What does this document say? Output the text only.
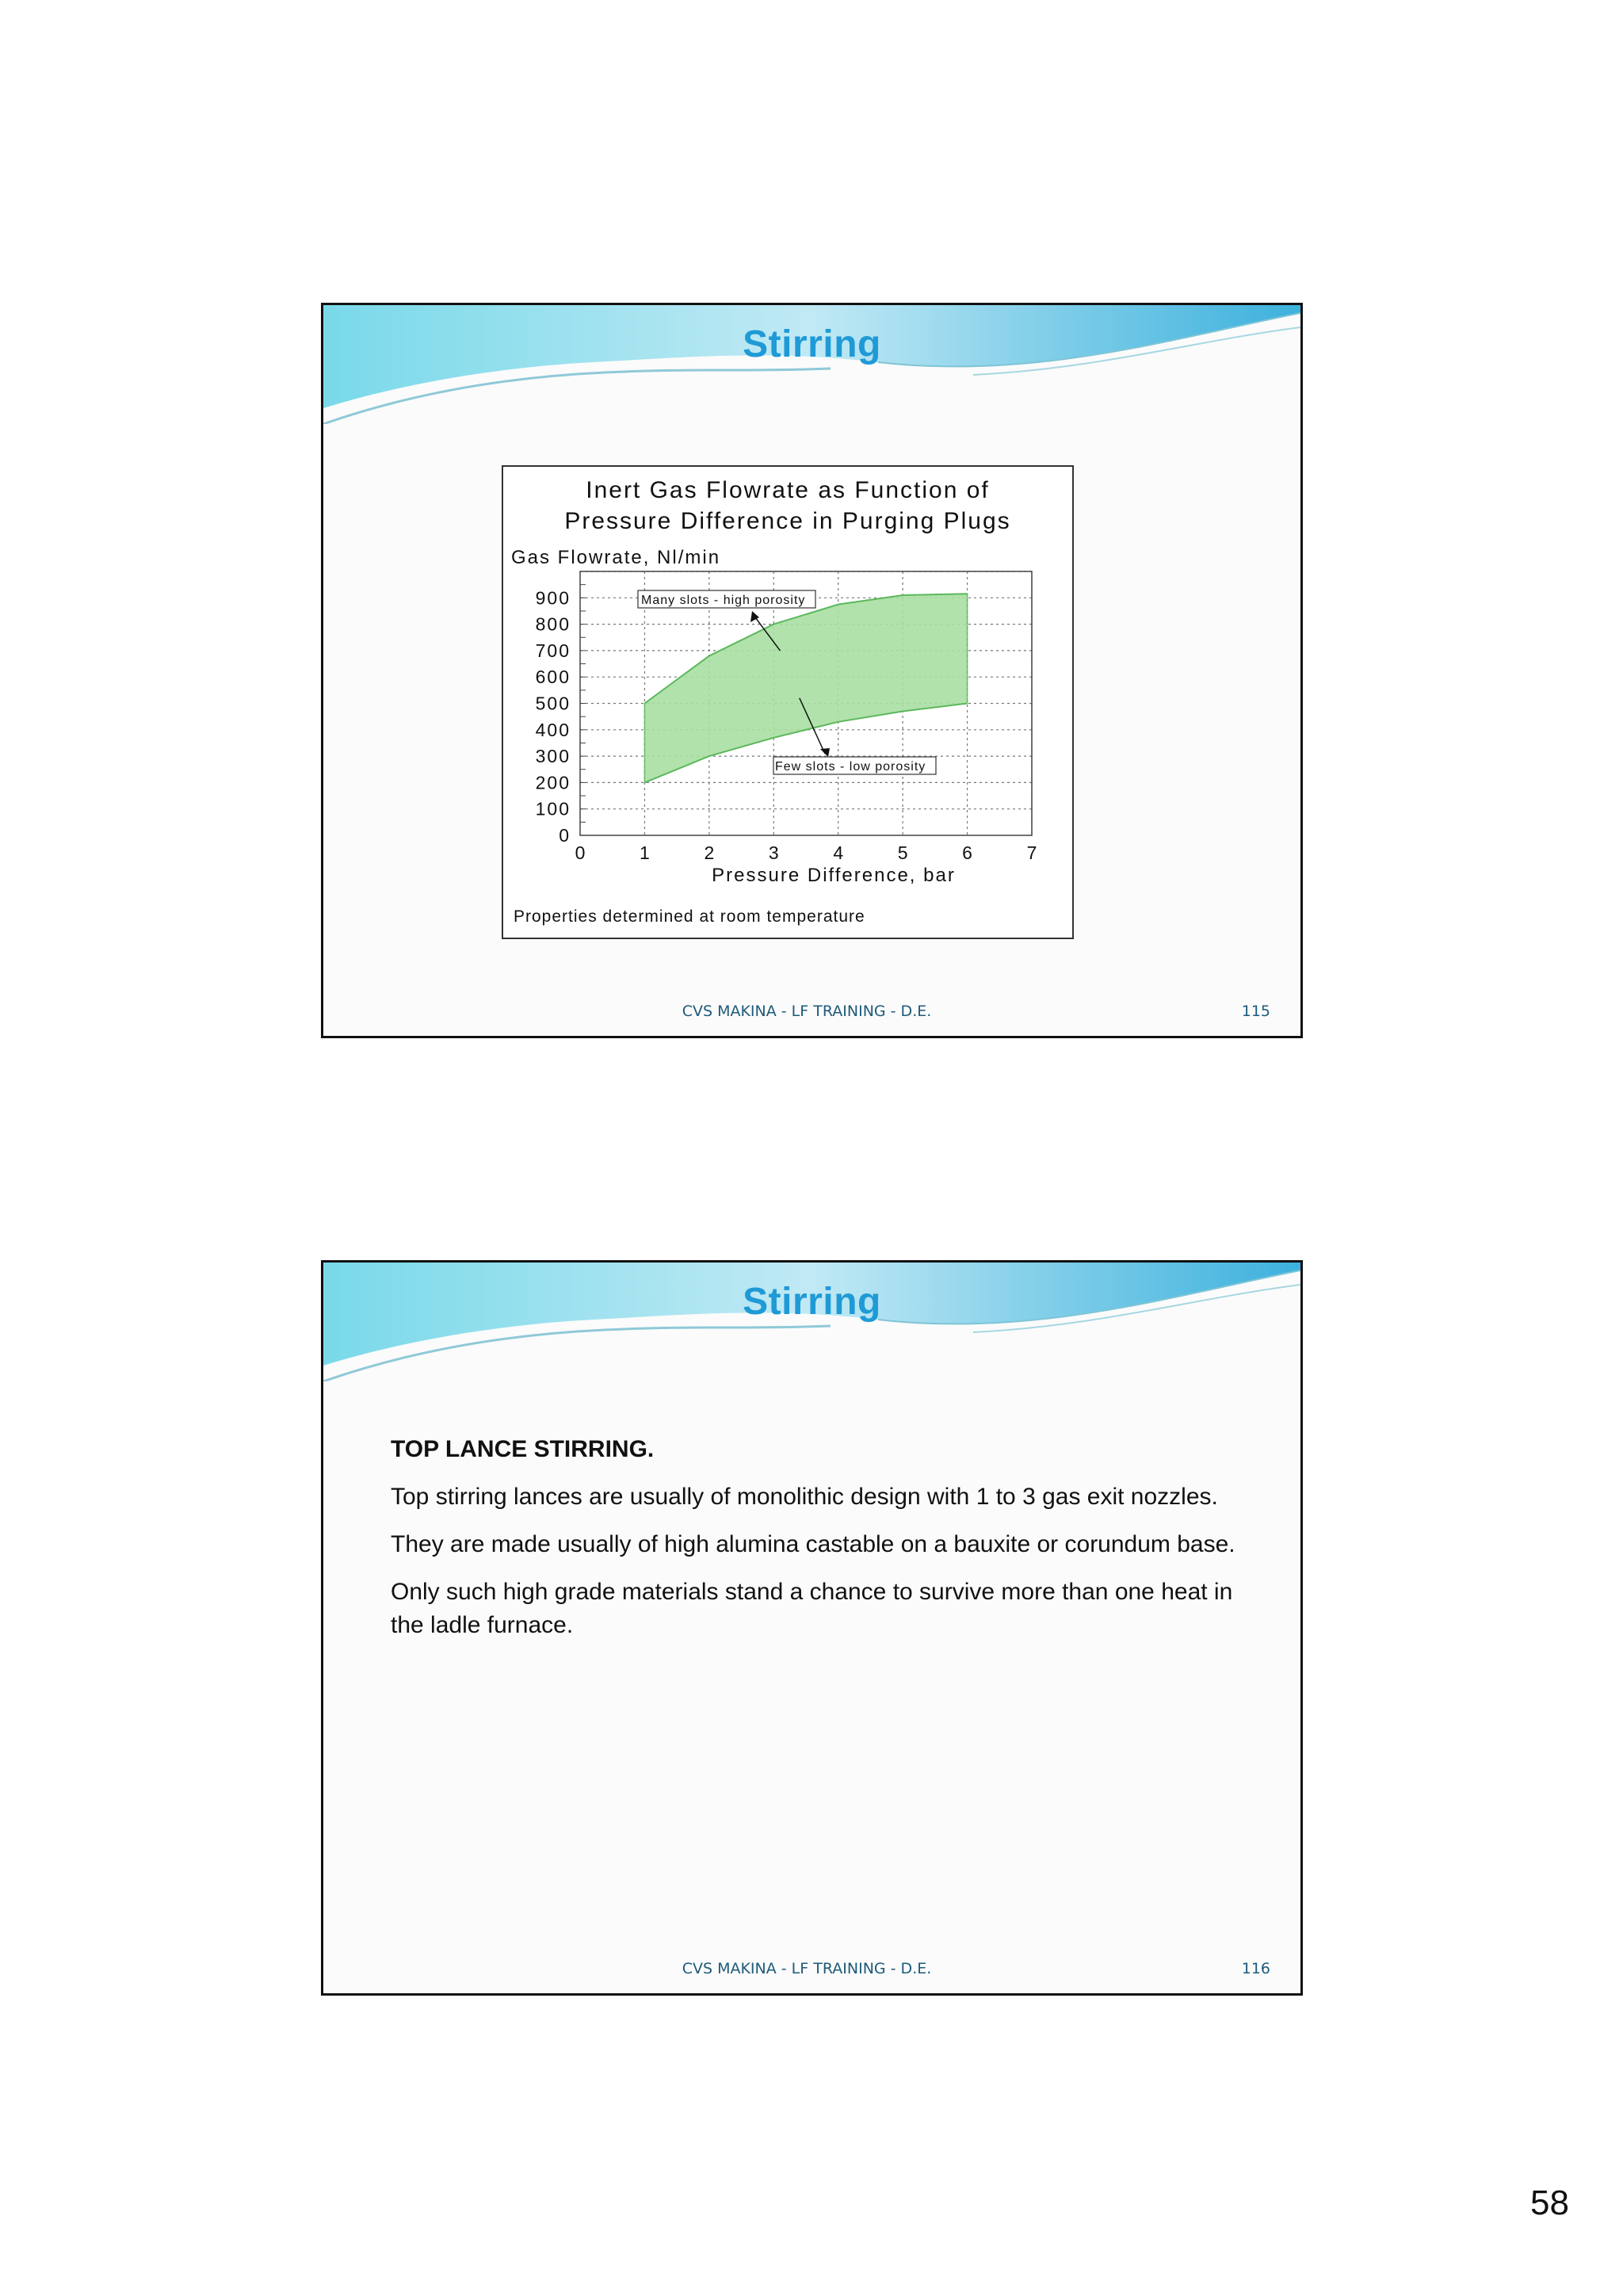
Stirring
Inert Gas Flowrate as Function of
Pressure Difference in Purging Plugs
Gas Flowrate, Nl/min
0
100
200
300
400
500
600
700
800
900
0	1	2	3	4	5	6	7
Pressure Difference, bar
Properties determined at room temperature
Many slots - high porosity
Few slots - low porosity
CVS MAKINA - LF TRAINING - D.E.	115
Stirring

TOP LANCE STIRRING.

Top stirring lances are usually of monolithic design with 1 to 3 gas exit nozzles.

They are made usually of high alumina castable on a bauxite or corundum base.

Only such high grade materials stand a chance to survive more than one heat in the ladle furnace.

CVS MAKINA - LF TRAINING - D.E.	116
58
